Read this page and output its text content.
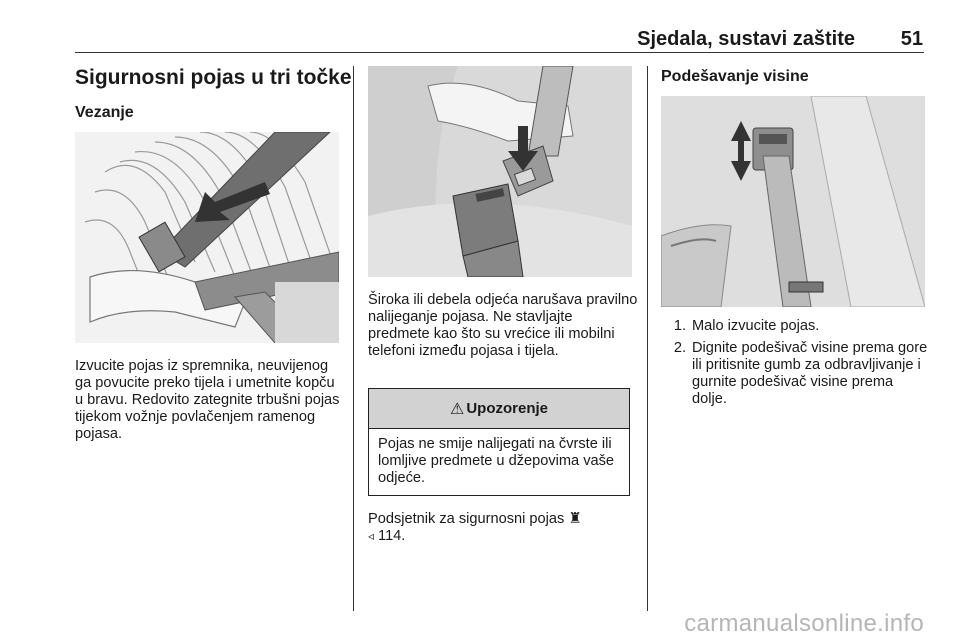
Sjedala, sustavi zaštite 51
Sigurnosni pojas u tri točke
Vezanje

Izvucite pojas iz spremnika, neuvijenog ga povucite preko tijela i umetnite kopču u bravu. Redovito zategnite trbušni pojas tijekom vožnje povlačenjem ramenog pojasa.

Široka ili debela odjeća narušava pravilno nalijeganje pojasa. Ne stavljajte predmete kao što su vrećice ili mobilni telefoni između pojasa i tijela.

⚠ Upozorenje

Pojas ne smije nalijegati na čvrste ili lomljive predmete u džepovima vaše odjeće.

Podsjetnik za sigurnosni pojas ♜
◃ 114.
Podešavanje visine
1. Malo izvucite pojas.
2. Dignite podešivač visine prema gore ili pritisnite gumb za odbravljivanje i gurnite podešivač visine prema dolje.
carmanualsonline.info
